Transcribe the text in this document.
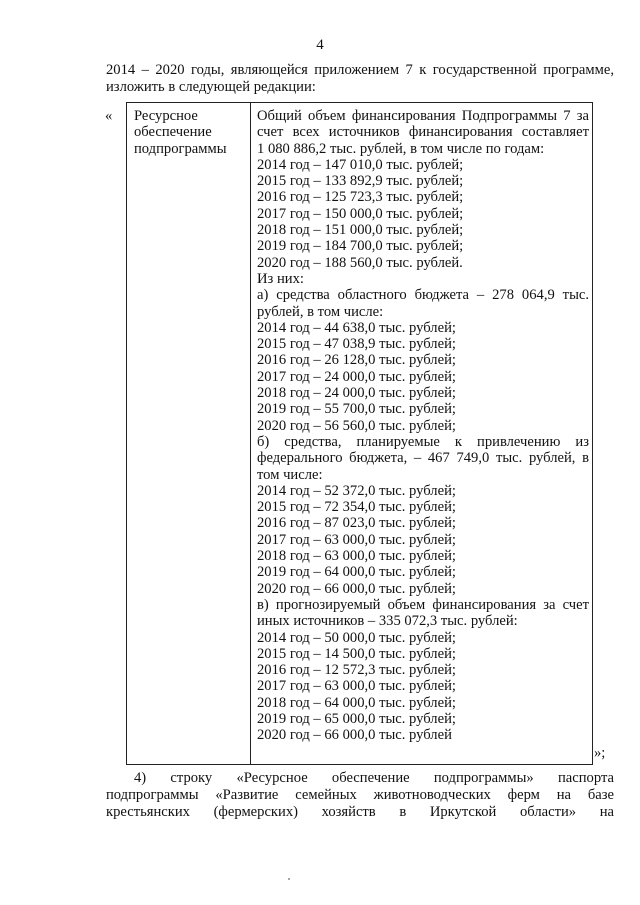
4
2014 – 2020 годы, являющейся приложением 7 к государственной программе,
изложить в следующей редакции:
« Ресурсное
обеспечение
подпрограммы
Общий объем финансирования Подпрограммы 7 за
счет всех источников финансирования составляет
1 080 886,2 тыс. рублей, в том числе по годам:
2014 год – 147 010,0 тыс. рублей;
2015 год – 133 892,9 тыс. рублей;
2016 год – 125 723,3 тыс. рублей;
2017 год – 150 000,0 тыс. рублей;
2018 год – 151 000,0 тыс. рублей;
2019 год – 184 700,0 тыс. рублей;
2020 год – 188 560,0 тыс. рублей.
Из них:
а) средства областного бюджета – 278 064,9 тыс.
рублей, в том числе:
2014 год – 44 638,0 тыс. рублей;
2015 год – 47 038,9 тыс. рублей;
2016 год – 26 128,0 тыс. рублей;
2017 год – 24 000,0 тыс. рублей;
2018 год – 24 000,0 тыс. рублей;
2019 год – 55 700,0 тыс. рублей;
2020 год – 56 560,0 тыс. рублей;
б) средства, планируемые к привлечению из
федерального бюджета, – 467 749,0 тыс. рублей, в
том числе:
2014 год – 52 372,0 тыс. рублей;
2015 год – 72 354,0 тыс. рублей;
2016 год – 87 023,0 тыс. рублей;
2017 год – 63 000,0 тыс. рублей;
2018 год – 63 000,0 тыс. рублей;
2019 год – 64 000,0 тыс. рублей;
2020 год – 66 000,0 тыс. рублей;
в) прогнозируемый объем финансирования за счет
иных источников – 335 072,3 тыс. рублей:
2014 год – 50 000,0 тыс. рублей;
2015 год – 14 500,0 тыс. рублей;
2016 год – 12 572,3 тыс. рублей;
2017 год – 63 000,0 тыс. рублей;
2018 год – 64 000,0 тыс. рублей;
2019 год – 65 000,0 тыс. рублей;
2020 год – 66 000,0 тыс. рублей
»;
4) строку «Ресурсное обеспечение подпрограммы» паспорта
подпрограммы «Развитие семейных животноводческих ферм на базе
крестьянских (фермерских) хозяйств в Иркутской области» на
